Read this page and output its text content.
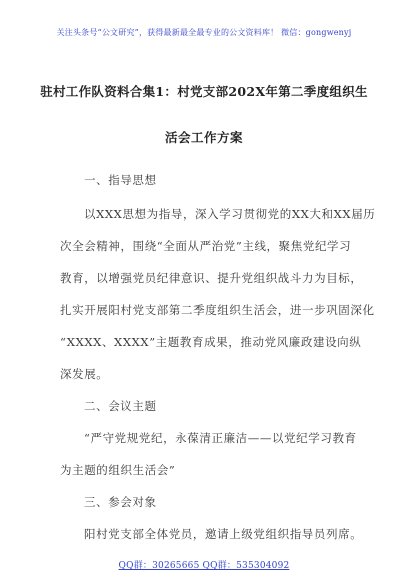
关注头条号“公文研究”，获得最新最全最专业的公文资料库！ 微信：gongwenyj
驻村工作队资料合集1：村党支部202X年第二季度组织生
活会工作方案
一、指导思想
以XXX思想为指导，深入学习贯彻党的XX大和XX届历
次全会精神，围绕“全面从严治党”主线，聚焦党纪学习
教育，以增强党员纪律意识、提升党组织战斗力为目标，
扎实开展阳村党支部第二季度组织生活会，进一步巩固深化
“XXXX、XXXX”主题教育成果，推动党风廉政建设向纵
深发展。
二、会议主题
“严守党规党纪，永葆清正廉洁——以党纪学习教育
为主题的组织生活会”
三、参会对象
阳村党支部全体党员，邀请上级党组织指导员列席。
QQ群：30265665 QQ群：535304092
